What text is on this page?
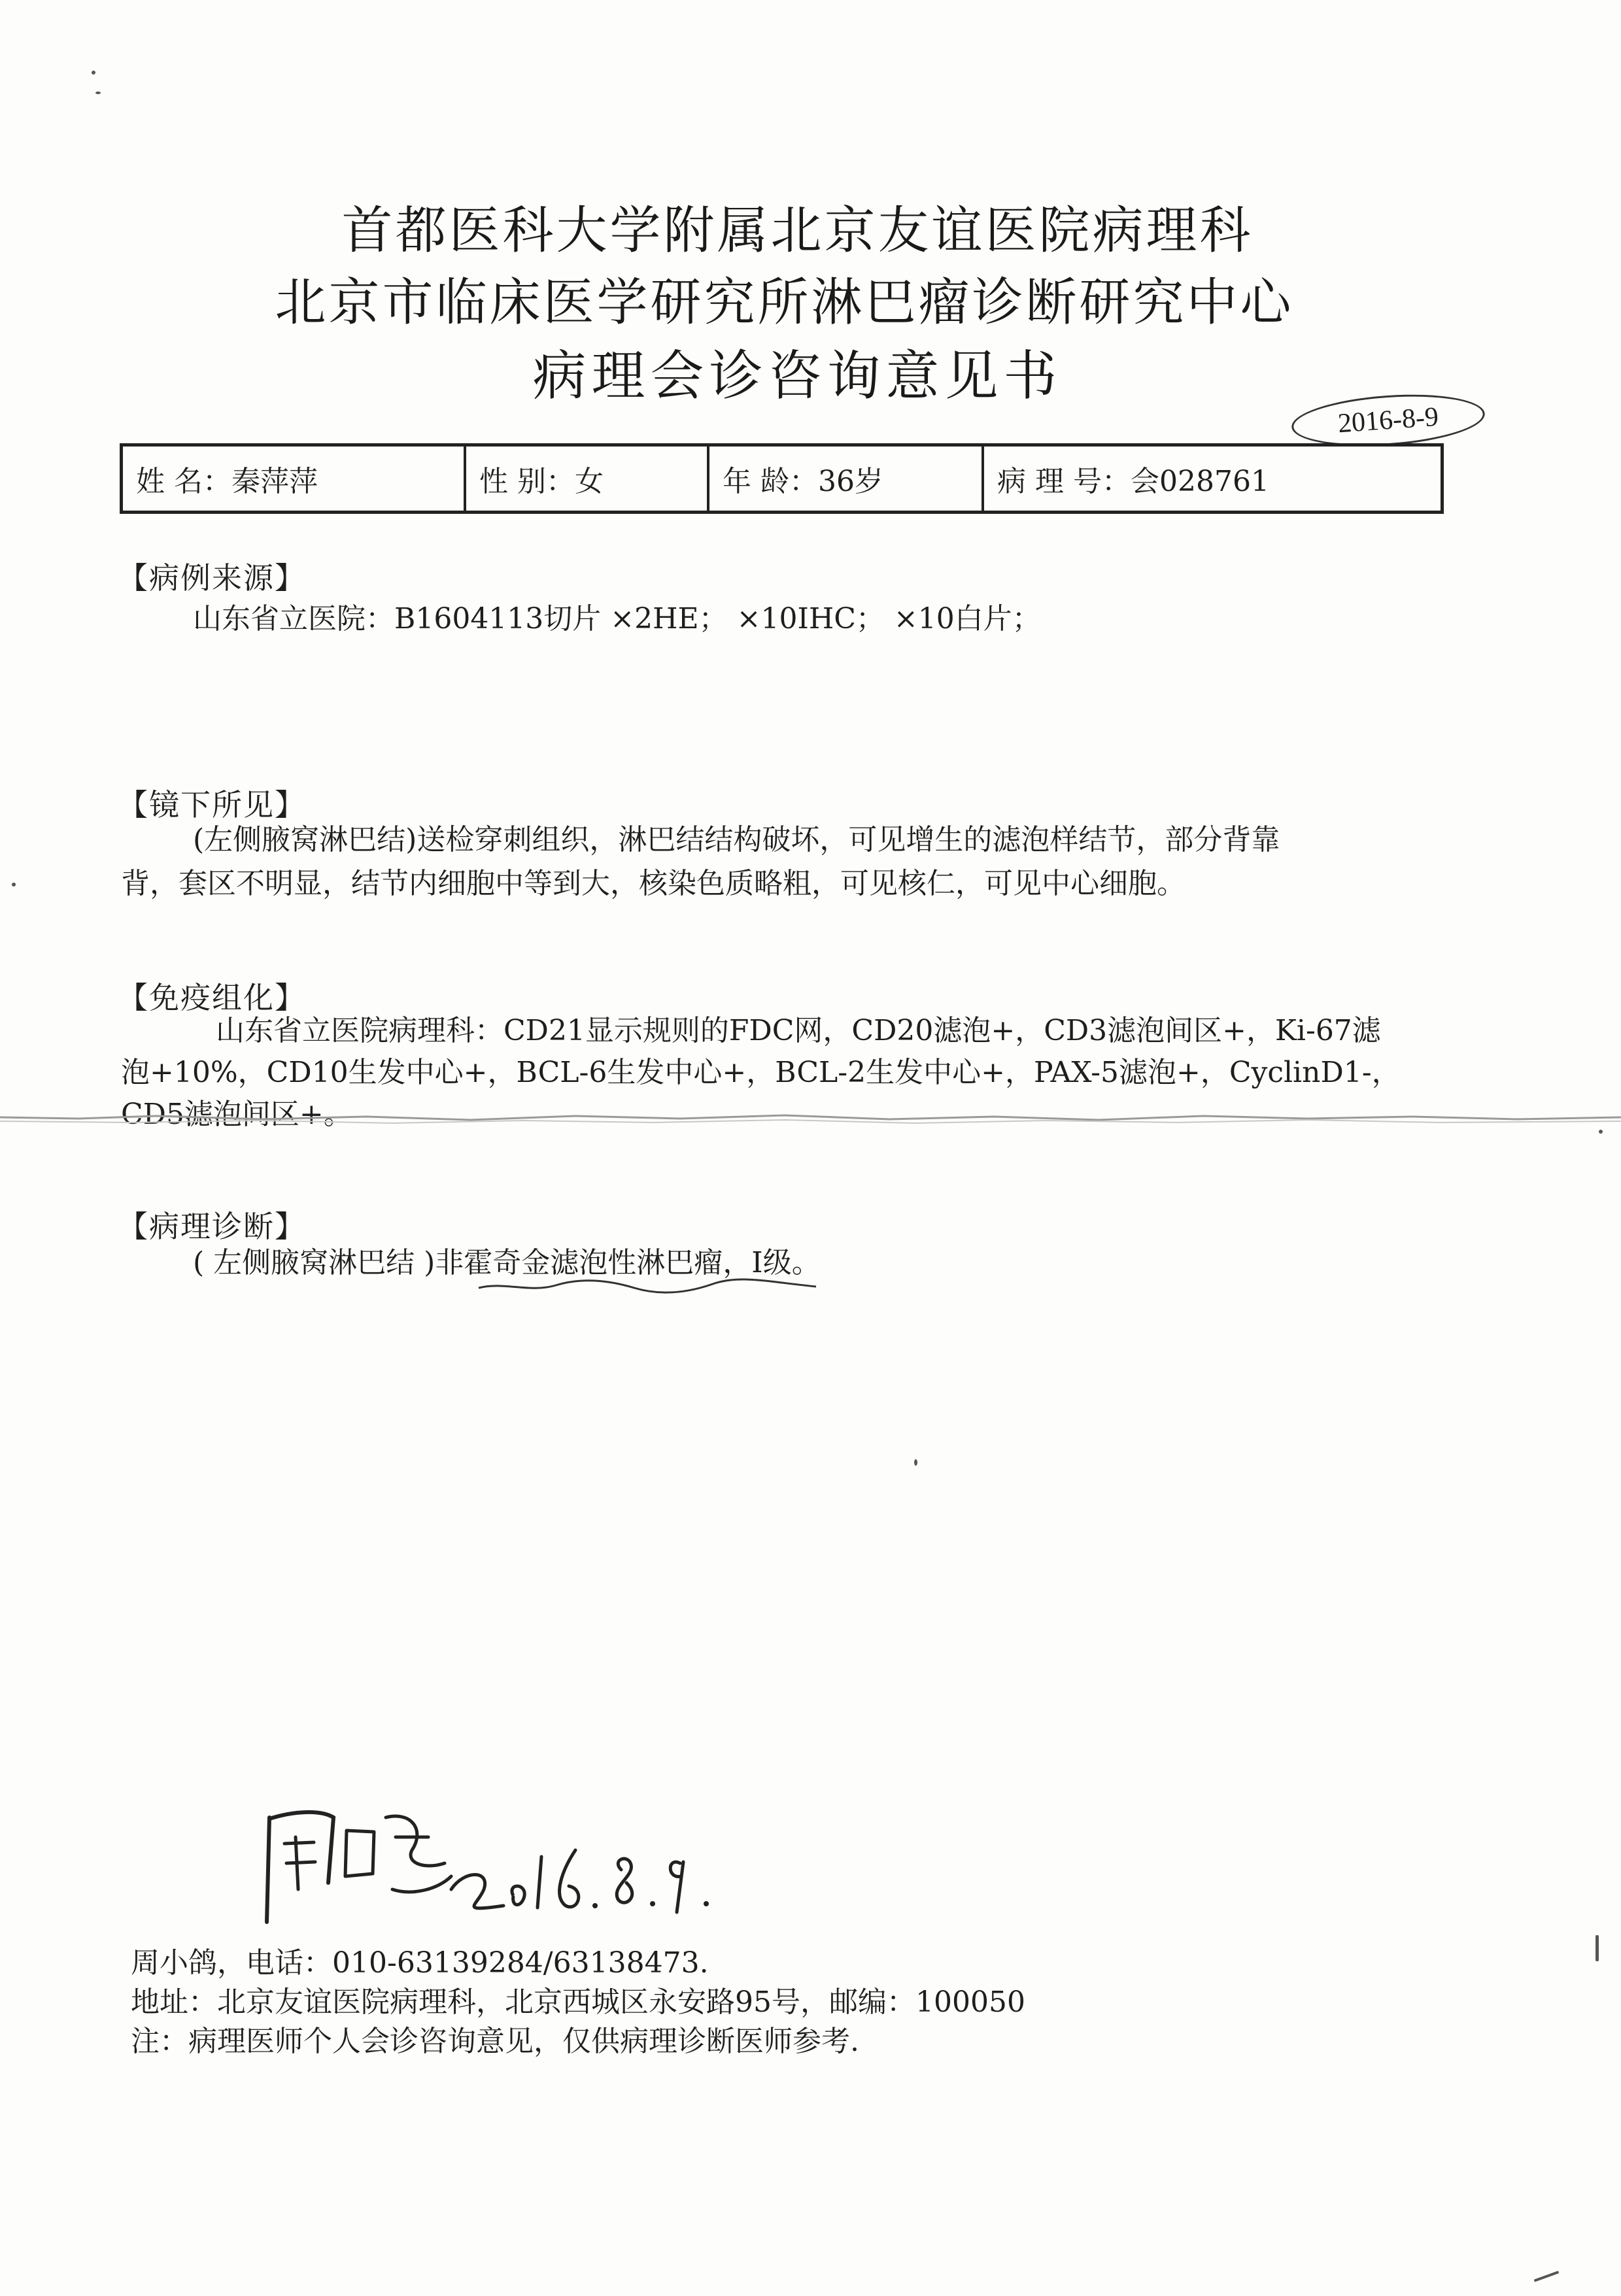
首都医科大学附属北京友谊医院病理科
北京市临床医学研究所淋巴瘤诊断研究中心
病理会诊咨询意见书
2016-8-9
姓 名： 秦萍萍	性 别： 女	年 龄： 36岁	病 理 号： 会028761
【病例来源】
山东省立医院：B1604113切片 ×2HE； ×10IHC； ×10白片；
【镜下所见】
(左侧腋窝淋巴结)送检穿刺组织，淋巴结结构破坏，可见增生的滤泡样结节，部分背靠
背，套区不明显，结节内细胞中等到大，核染色质略粗，可见核仁，可见中心细胞。
【免疫组化】
山东省立医院病理科：CD21显示规则的FDC网，CD20滤泡+，CD3滤泡间区+，Ki-67滤
泡+10%，CD10生发中心+，BCL-6生发中心+，BCL-2生发中心+，PAX-5滤泡+，CyclinD1-，
CD5滤泡间区+。
【病理诊断】
( 左侧腋窝淋巴结 )非霍奇金滤泡性淋巴瘤，Ⅰ级。
周小鸽，电话：010-63139284/63138473.
地址：北京友谊医院病理科，北京西城区永安路95号，邮编：100050
注：病理医师个人会诊咨询意见，仅供病理诊断医师参考.
